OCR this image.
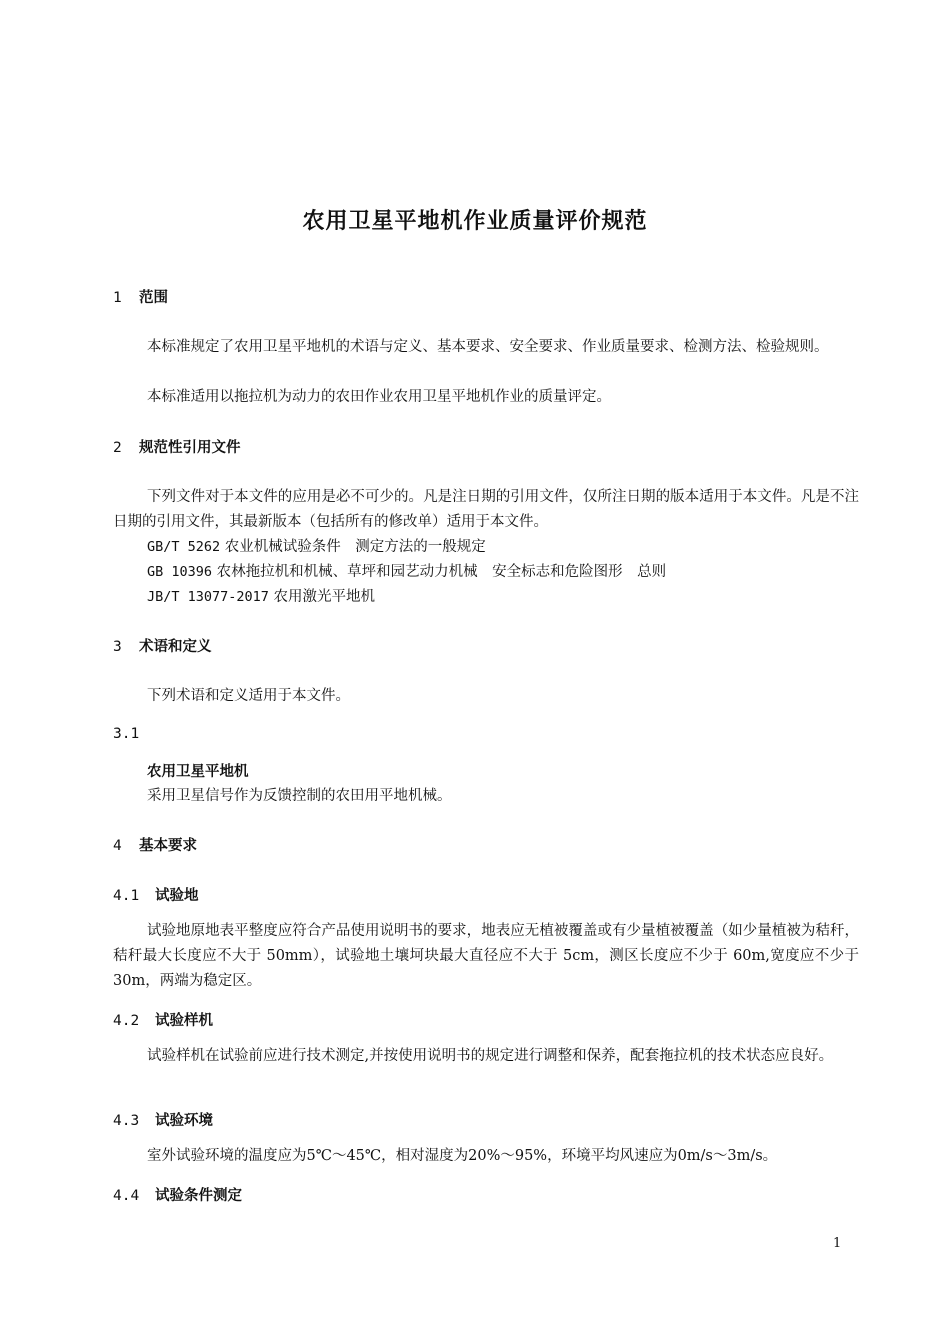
农用卫星平地机作业质量评价规范
1 范围
本标准规定了农用卫星平地机的术语与定义、基本要求、安全要求、作业质量要求、检测方法、检验规则。
本标准适用以拖拉机为动力的农田作业农用卫星平地机作业的质量评定。
2 规范性引用文件
下列文件对于本文件的应用是必不可少的。凡是注日期的引用文件，仅所注日期的版本适用于本文件。凡是不注日期的引用文件，其最新版本（包括所有的修改单）适用于本文件。
GB/T 5262 农业机械试验条件　测定方法的一般规定
GB 10396 农林拖拉机和机械、草坪和园艺动力机械　安全标志和危险图形　总则
JB/T 13077-2017 农用激光平地机
3 术语和定义
下列术语和定义适用于本文件。
3.1
农用卫星平地机
采用卫星信号作为反馈控制的农田用平地机械。
4 基本要求
4.1 试验地
试验地原地表平整度应符合产品使用说明书的要求，地表应无植被覆盖或有少量植被覆盖（如少量植被为秸秆，秸秆最大长度应不大于 50mm），试验地土壤坷块最大直径应不大于 5cm，测区长度应不少于 60m,宽度应不少于 30m，两端为稳定区。
4.2 试验样机
试验样机在试验前应进行技术测定,并按使用说明书的规定进行调整和保养，配套拖拉机的技术状态应良好。
4.3 试验环境
室外试验环境的温度应为5℃～45℃，相对湿度为20%～95%，环境平均风速应为0m/s～3m/s。
4.4 试验条件测定
1
